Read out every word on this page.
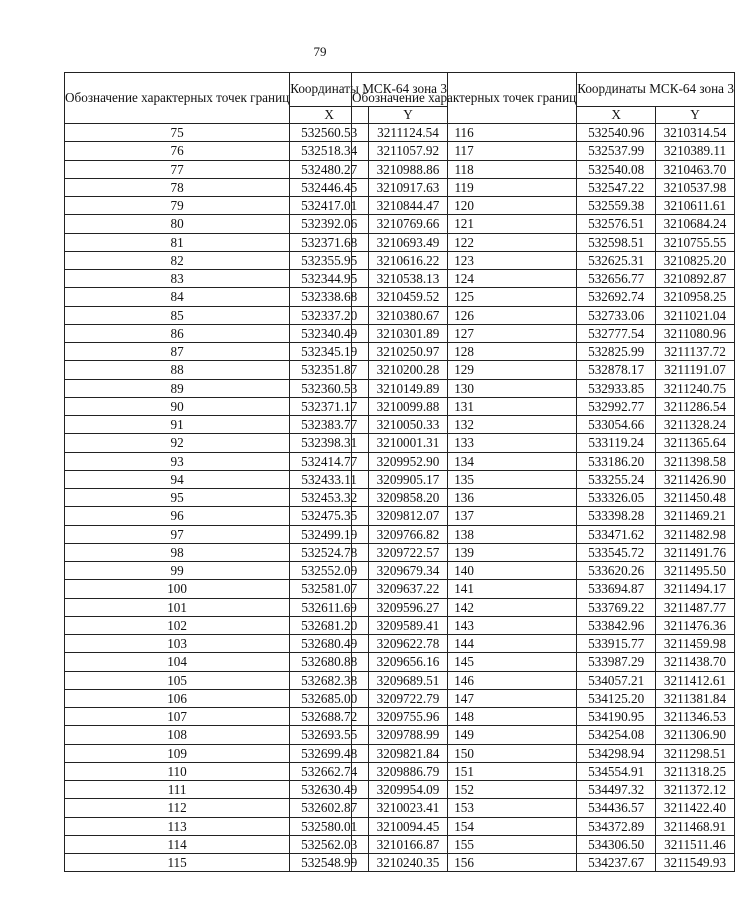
79
Обозначение характерных точек границ	Координаты МСК-64 зона 3	
	X	Y
75	532560.53	3211124.54
76	532518.34	3211057.92
77	532480.27	3210988.86
78	532446.45	3210917.63
79	532417.01	3210844.47
80	532392.06	3210769.66
81	532371.68	3210693.49
82	532355.95	3210616.22
83	532344.95	3210538.13
84	532338.68	3210459.52
85	532337.20	3210380.67
86	532340.49	3210301.89
87	532345.19	3210250.97
88	532351.87	3210200.28
89	532360.53	3210149.89
90	532371.17	3210099.88
91	532383.77	3210050.33
92	532398.31	3210001.31
93	532414.77	3209952.90
94	532433.11	3209905.17
95	532453.32	3209858.20
96	532475.35	3209812.07
97	532499.19	3209766.82
98	532524.78	3209722.57
99	532552.09	3209679.34
100	532581.07	3209637.22
101	532611.69	3209596.27
102	532681.20	3209589.41
103	532680.49	3209622.78
104	532680.88	3209656.16
105	532682.38	3209689.51
106	532685.00	3209722.79
107	532688.72	3209755.96
108	532693.55	3209788.99
109	532699.48	3209821.84
110	532662.74	3209886.79
111	532630.49	3209954.09
112	532602.87	3210023.41
113	532580.01	3210094.45
114	532562.03	3210166.87
115	532548.99	3210240.35
Обозначение характерных точек границ	Координаты МСК-64 зона 3	
	X	Y
116	532540.96	3210314.54
117	532537.99	3210389.11
118	532540.08	3210463.70
119	532547.22	3210537.98
120	532559.38	3210611.61
121	532576.51	3210684.24
122	532598.51	3210755.55
123	532625.31	3210825.20
124	532656.77	3210892.87
125	532692.74	3210958.25
126	532733.06	3211021.04
127	532777.54	3211080.96
128	532825.99	3211137.72
129	532878.17	3211191.07
130	532933.85	3211240.75
131	532992.77	3211286.54
132	533054.66	3211328.24
133	533119.24	3211365.64
134	533186.20	3211398.58
135	533255.24	3211426.90
136	533326.05	3211450.48
137	533398.28	3211469.21
138	533471.62	3211482.98
139	533545.72	3211491.76
140	533620.26	3211495.50
141	533694.87	3211494.17
142	533769.22	3211487.77
143	533842.96	3211476.36
144	533915.77	3211459.98
145	533987.29	3211438.70
146	534057.21	3211412.61
147	534125.20	3211381.84
148	534190.95	3211346.53
149	534254.08	3211306.90
150	534298.94	3211298.51
151	534554.91	3211318.25
152	534497.32	3211372.12
153	534436.57	3211422.40
154	534372.89	3211468.91
155	534306.50	3211511.46
156	534237.67	3211549.93
